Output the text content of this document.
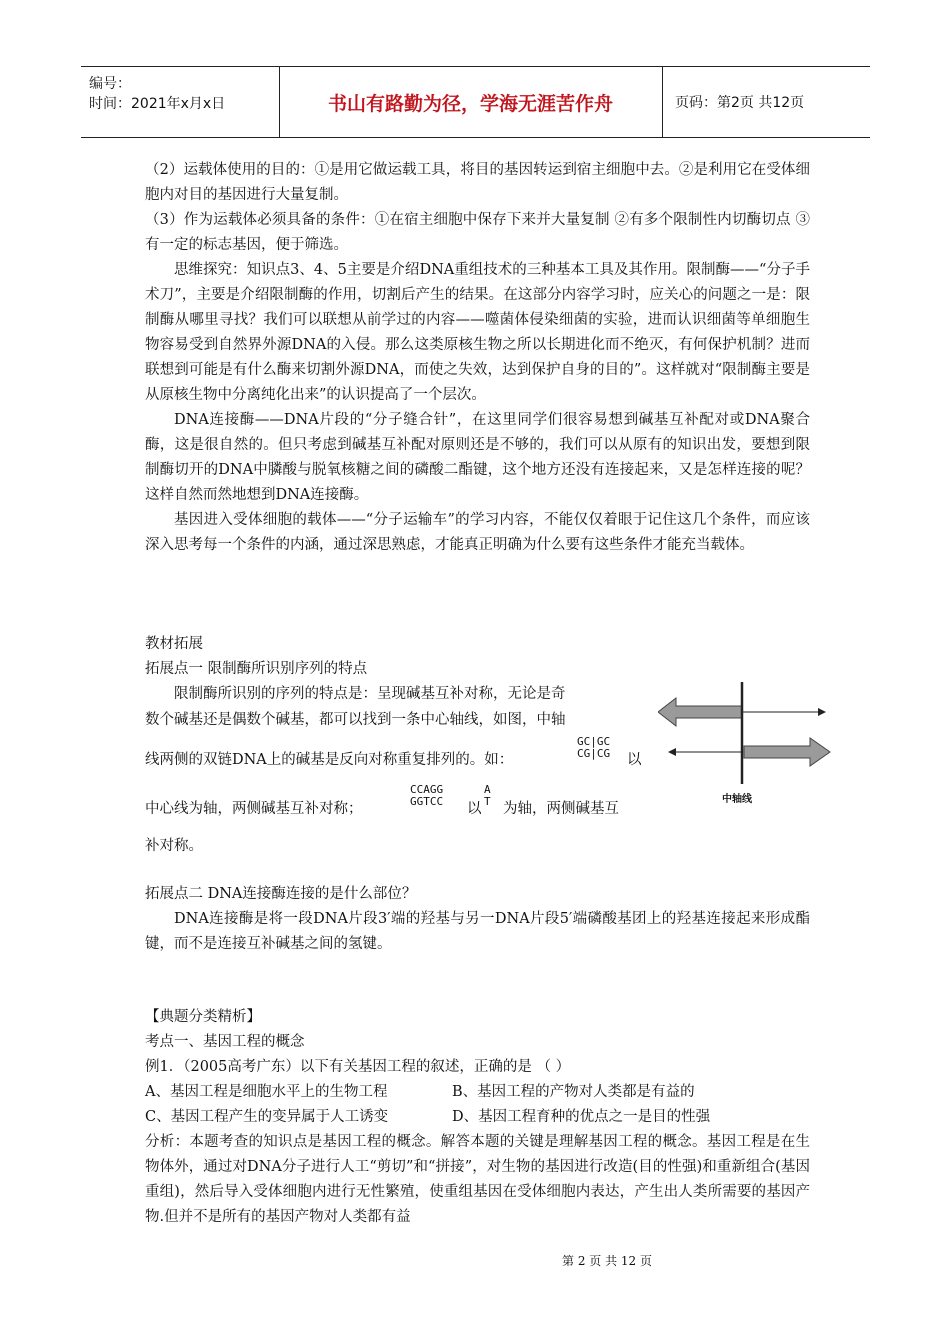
编号：
时间：2021年x月x日	书山有路勤为径，学海无涯苦作舟	页码：第2页 共12页

（2）运载体使用的目的：①是用它做运载工具，将目的基因转运到宿主细胞中去。②是利用它在受体细胞内对目的基因进行大量复制。

（3）作为运载体必须具备的条件：①在宿主细胞中保存下来并大量复制 ②有多个限制性内切酶切点 ③有一定的标志基因，便于筛选。

思维探究：知识点3、4、5主要是介绍DNA重组技术的三种基本工具及其作用。限制酶——“分子手术刀”，主要是介绍限制酶的作用，切割后产生的结果。在这部分内容学习时，应关心的问题之一是：限制酶从哪里寻找？我们可以联想从前学过的内容——噬菌体侵染细菌的实验，进而认识细菌等单细胞生物容易受到自然界外源DNA的入侵。那么这类原核生物之所以长期进化而不绝灭，有何保护机制？进而联想到可能是有什么酶来切割外源DNA，而使之失效，达到保护自身的目的”。这样就对“限制酶主要是从原核生物中分离纯化出来”的认识提高了一个层次。

DNA连接酶——DNA片段的“分子缝合针”，在这里同学们很容易想到碱基互补配对或DNA聚合酶，这是很自然的。但只考虑到碱基互补配对原则还是不够的，我们可以从原有的知识出发，要想到限制酶切开的DNA中膦酸与脱氧核糖之间的磷酸二酯键，这个地方还没有连接起来，又是怎样连接的呢？这样自然而然地想到DNA连接酶。

基因进入受体细胞的载体——“分子运输车”的学习内容，不能仅仅着眼于记住这几个条件，而应该深入思考每一个条件的内涵，通过深思熟虑，才能真正明确为什么要有这些条件才能充当载体。

教材拓展
拓展点一 限制酶所识别序列的特点
限制酶所识别的序列的特点是：呈现碱基互补对称，无论是奇
数个碱基还是偶数个碱基，都可以找到一条中心轴线，如图，中轴
线两侧的双链DNA上的碱基是反向对称重复排列的。如：
GC|GC
CG|CG 以
中心线为轴，两侧碱基互补对称；
CCAGG
GGTCC 以
A
T 为轴，两侧碱基互
补对称。
中轴线
拓展点二 DNA连接酶连接的是什么部位？

DNA连接酶是将一段DNA片段3′端的羟基与另一DNA片段5′端磷酸基团上的羟基连接起来形成酯键，而不是连接互补碱基之间的氢键。

【典题分类精析】
考点一、基因工程的概念
例1．（2005高考广东）以下有关基因工程的叙述，正确的是 （ ）
A、基因工程是细胞水平上的生物工程	B、基因工程的产物对人类都是有益的
C、基因工程产生的变异属于人工诱变	D、基因工程育种的优点之一是目的性强

分析：本题考查的知识点是基因工程的概念。解答本题的关键是理解基因工程的概念。基因工程是在生物体外，通过对DNA分子进行人工“剪切”和“拼接”，对生物的基因进行改造(目的性强)和重新组合(基因重组)，然后导入受体细胞内进行无性繁殖，使重组基因在受体细胞内表达，产生出人类所需要的基因产物.但并不是所有的基因产物对人类都有益

第 2 页 共 12 页
